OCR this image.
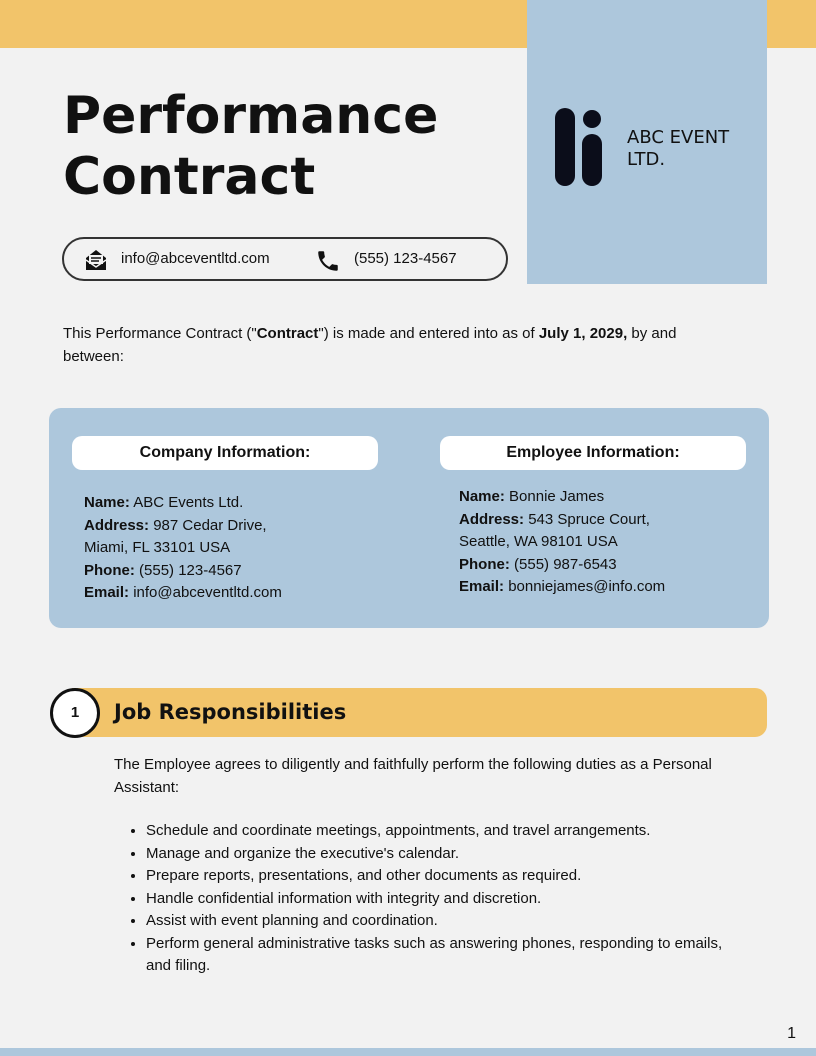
ABC EVENT
LTD.
Performance
Contract
info@abceventltd.com	(555) 123-4567

This Performance Contract ("Contract") is made and entered into as of July 1, 2029, by and between:

Company Information:
Name: ABC Events Ltd.
Address: 987 Cedar Drive,
Miami, FL 33101 USA
Phone: (555) 123-4567
Email: info@abceventltd.com
Employee Information:
Name: Bonnie James
Address: 543 Spruce Court,
Seattle, WA 98101 USA
Phone: (555) 987-6543
Email: bonniejames@info.com
1	Job Responsibilities

The Employee agrees to diligently and faithfully perform the following duties as a Personal Assistant:

• Schedule and coordinate meetings, appointments, and travel arrangements.
• Manage and organize the executive's calendar.
• Prepare reports, presentations, and other documents as required.
• Handle confidential information with integrity and discretion.
• Assist with event planning and coordination.
• Perform general administrative tasks such as answering phones, responding to emails, and filing.
1
